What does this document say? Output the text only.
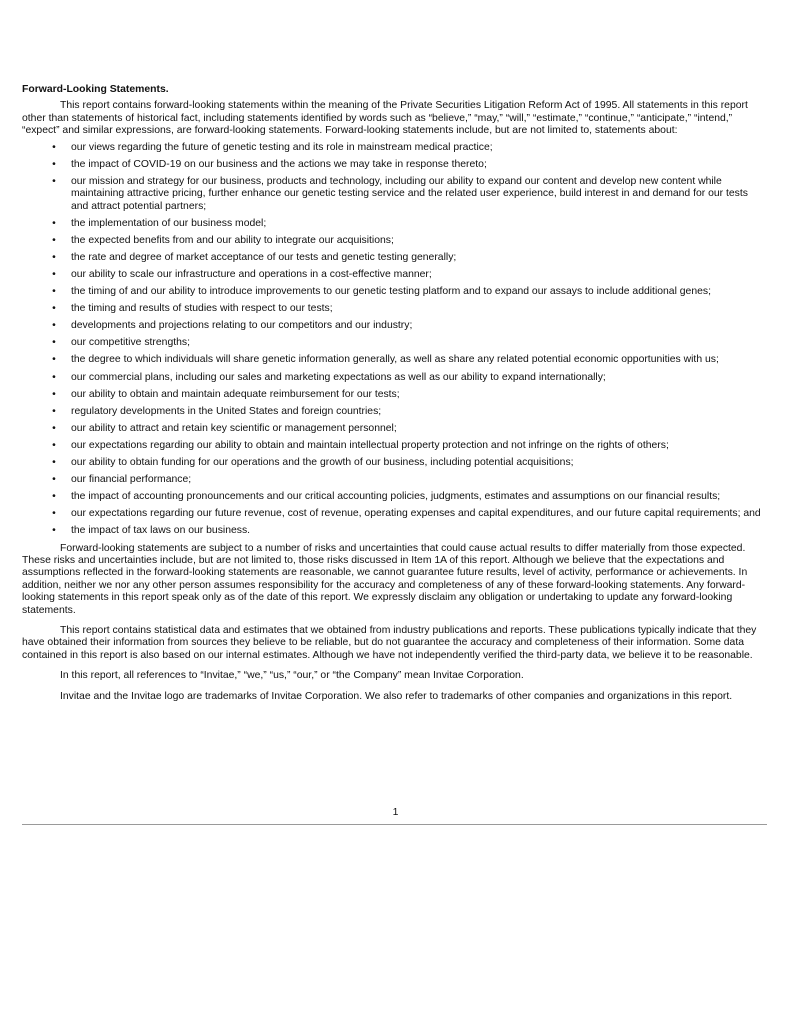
Forward-Looking Statements.

This report contains forward-looking statements within the meaning of the Private Securities Litigation Reform Act of 1995. All statements in this report other than statements of historical fact, including statements identified by words such as “believe,” “may,” “will,” “estimate,” “continue,” “anticipate,” “intend,” “expect” and similar expressions, are forward-looking statements. Forward-looking statements include, but are not limited to, statements about:

• our views regarding the future of genetic testing and its role in mainstream medical practice;
• the impact of COVID-19 on our business and the actions we may take in response thereto;
• our mission and strategy for our business, products and technology, including our ability to expand our content and develop new content while maintaining attractive pricing, further enhance our genetic testing service and the related user experience, build interest in and demand for our tests and attract potential partners;
• the implementation of our business model;
• the expected benefits from and our ability to integrate our acquisitions;
• the rate and degree of market acceptance of our tests and genetic testing generally;
• our ability to scale our infrastructure and operations in a cost-effective manner;
• the timing of and our ability to introduce improvements to our genetic testing platform and to expand our assays to include additional genes;
• the timing and results of studies with respect to our tests;
• developments and projections relating to our competitors and our industry;
• our competitive strengths;
• the degree to which individuals will share genetic information generally, as well as share any related potential economic opportunities with us;
• our commercial plans, including our sales and marketing expectations as well as our ability to expand internationally;
• our ability to obtain and maintain adequate reimbursement for our tests;
• regulatory developments in the United States and foreign countries;
• our ability to attract and retain key scientific or management personnel;
• our expectations regarding our ability to obtain and maintain intellectual property protection and not infringe on the rights of others;
• our ability to obtain funding for our operations and the growth of our business, including potential acquisitions;
• our financial performance;
• the impact of accounting pronouncements and our critical accounting policies, judgments, estimates and assumptions on our financial results;
• our expectations regarding our future revenue, cost of revenue, operating expenses and capital expenditures, and our future capital requirements; and
• the impact of tax laws on our business.

Forward-looking statements are subject to a number of risks and uncertainties that could cause actual results to differ materially from those expected. These risks and uncertainties include, but are not limited to, those risks discussed in Item 1A of this report. Although we believe that the expectations and assumptions reflected in the forward-looking statements are reasonable, we cannot guarantee future results, level of activity, performance or achievements. In addition, neither we nor any other person assumes responsibility for the accuracy and completeness of any of these forward-looking statements. Any forward-looking statements in this report speak only as of the date of this report. We expressly disclaim any obligation or undertaking to update any forward-looking statements.

This report contains statistical data and estimates that we obtained from industry publications and reports. These publications typically indicate that they have obtained their information from sources they believe to be reliable, but do not guarantee the accuracy and completeness of their information. Some data contained in this report is also based on our internal estimates. Although we have not independently verified the third-party data, we believe it to be reasonable.

In this report, all references to “Invitae,” “we,” “us,” “our,” or “the Company” mean Invitae Corporation.

Invitae and the Invitae logo are trademarks of Invitae Corporation. We also refer to trademarks of other companies and organizations in this report.

1
